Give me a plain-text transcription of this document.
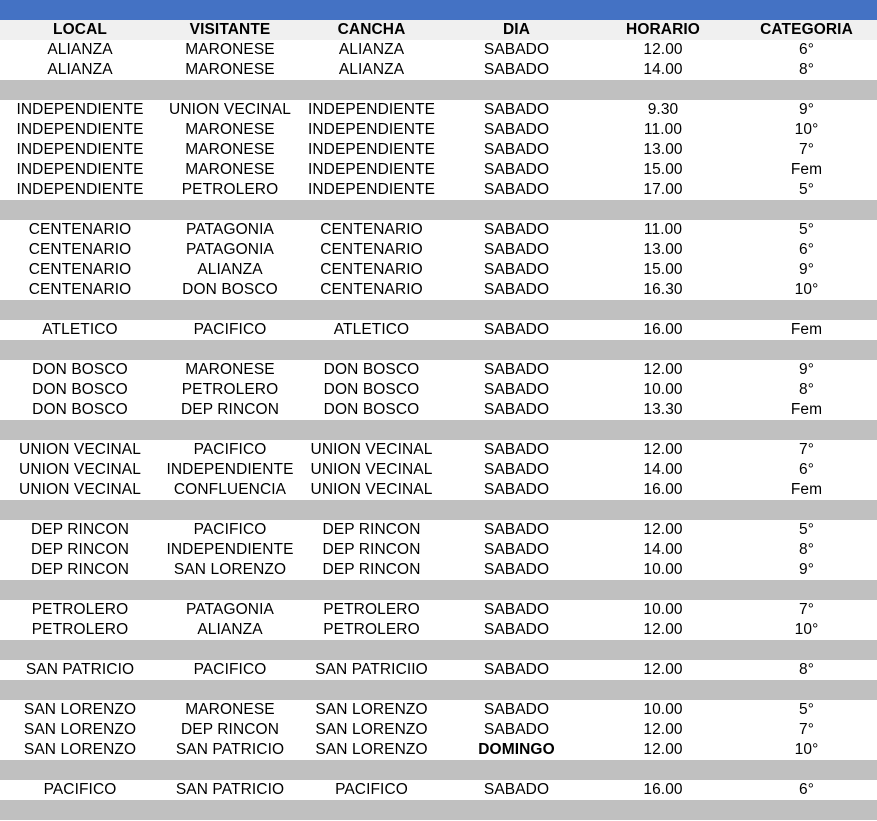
LOCAL	VISITANTE	CANCHA	DIA	HORARIO	CATEGORIA
ALIANZA	MARONESE	ALIANZA	SABADO	12.00	6°
ALIANZA	MARONESE	ALIANZA	SABADO	14.00	8°
INDEPENDIENTE	UNION VECINAL	INDEPENDIENTE	SABADO	9.30	9°
INDEPENDIENTE	MARONESE	INDEPENDIENTE	SABADO	11.00	10°
INDEPENDIENTE	MARONESE	INDEPENDIENTE	SABADO	13.00	7°
INDEPENDIENTE	MARONESE	INDEPENDIENTE	SABADO	15.00	Fem
INDEPENDIENTE	PETROLERO	INDEPENDIENTE	SABADO	17.00	5°
CENTENARIO	PATAGONIA	CENTENARIO	SABADO	11.00	5°
CENTENARIO	PATAGONIA	CENTENARIO	SABADO	13.00	6°
CENTENARIO	ALIANZA	CENTENARIO	SABADO	15.00	9°
CENTENARIO	DON BOSCO	CENTENARIO	SABADO	16.30	10°
ATLETICO	PACIFICO	ATLETICO	SABADO	16.00	Fem
DON BOSCO	MARONESE	DON BOSCO	SABADO	12.00	9°
DON BOSCO	PETROLERO	DON BOSCO	SABADO	10.00	8°
DON BOSCO	DEP RINCON	DON BOSCO	SABADO	13.30	Fem
UNION VECINAL	PACIFICO	UNION VECINAL	SABADO	12.00	7°
UNION VECINAL	INDEPENDIENTE	UNION VECINAL	SABADO	14.00	6°
UNION VECINAL	CONFLUENCIA	UNION VECINAL	SABADO	16.00	Fem
DEP RINCON	PACIFICO	DEP RINCON	SABADO	12.00	5°
DEP RINCON	INDEPENDIENTE	DEP RINCON	SABADO	14.00	8°
DEP RINCON	SAN LORENZO	DEP RINCON	SABADO	10.00	9°
PETROLERO	PATAGONIA	PETROLERO	SABADO	10.00	7°
PETROLERO	ALIANZA	PETROLERO	SABADO	12.00	10°
SAN PATRICIO	PACIFICO	SAN PATRICIIO	SABADO	12.00	8°
SAN LORENZO	MARONESE	SAN LORENZO	SABADO	10.00	5°
SAN LORENZO	DEP RINCON	SAN LORENZO	SABADO	12.00	7°
SAN LORENZO	SAN PATRICIO	SAN LORENZO	DOMINGO	12.00	10°
PACIFICO	SAN PATRICIO	PACIFICO	SABADO	16.00	6°
